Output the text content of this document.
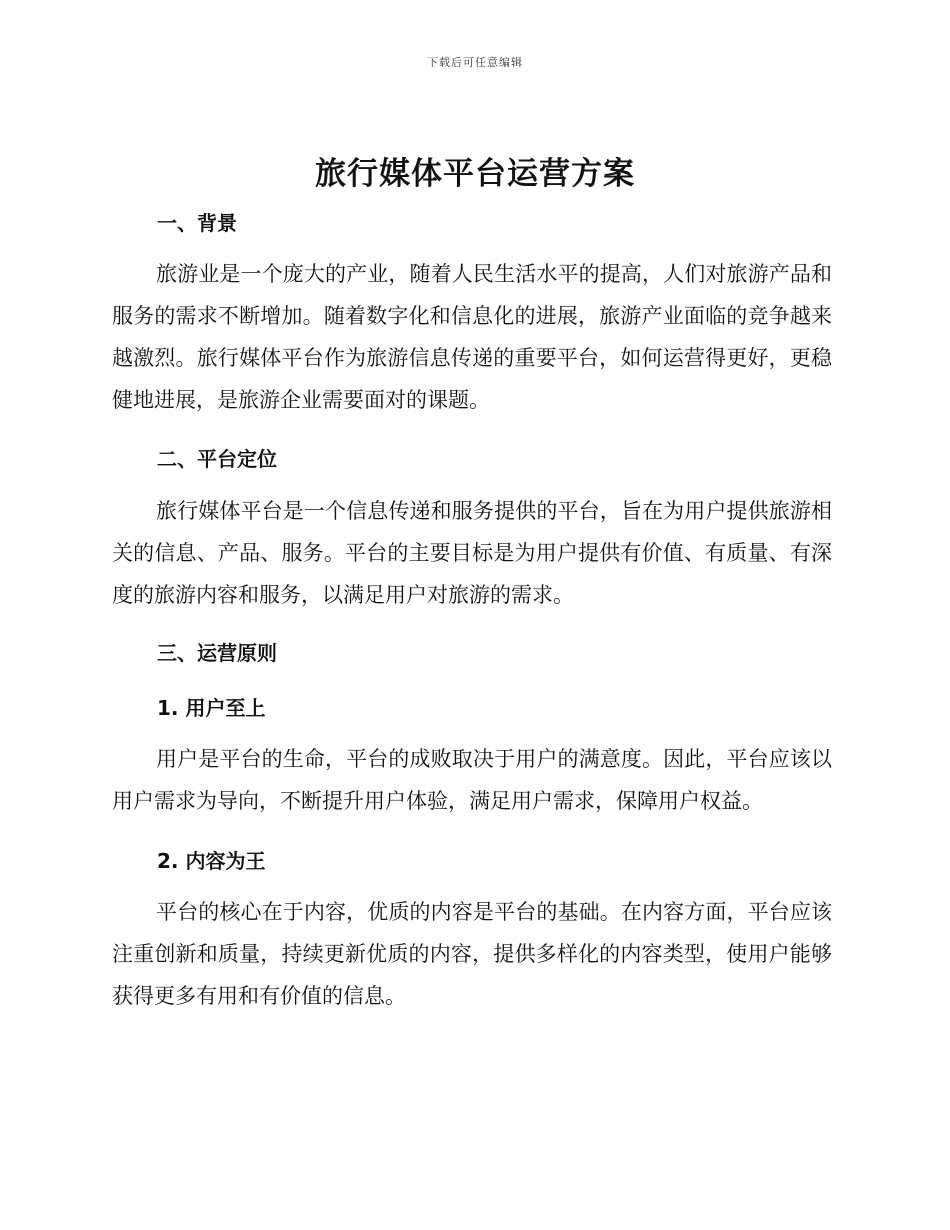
下载后可任意编辑
旅行媒体平台运营方案
一、背景

旅游业是一个庞大的产业，随着人民生活水平的提高，人们对旅游产品和服务的需求不断增加。随着数字化和信息化的进展，旅游产业面临的竞争越来越激烈。旅行媒体平台作为旅游信息传递的重要平台，如何运营得更好，更稳健地进展，是旅游企业需要面对的课题。

二、平台定位

旅行媒体平台是一个信息传递和服务提供的平台，旨在为用户提供旅游相关的信息、产品、服务。平台的主要目标是为用户提供有价值、有质量、有深度的旅游内容和服务，以满足用户对旅游的需求。

三、运营原则
1. 用户至上

用户是平台的生命，平台的成败取决于用户的满意度。因此，平台应该以用户需求为导向，不断提升用户体验，满足用户需求，保障用户权益。

2. 内容为王

平台的核心在于内容，优质的内容是平台的基础。在内容方面，平台应该注重创新和质量，持续更新优质的内容，提供多样化的内容类型，使用户能够获得更多有用和有价值的信息。
